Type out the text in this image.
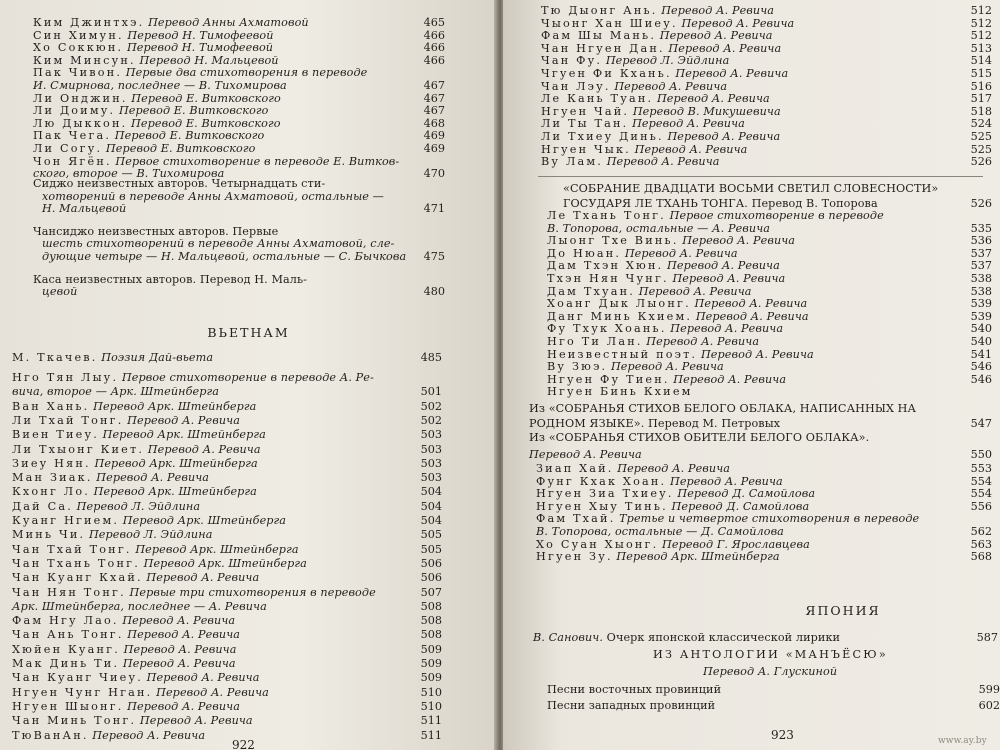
Ким Джинтхэ. Перевод Анны Ахматовой	465
Син Химун. Перевод Н. Тимофеевой	466
Хо Соккюн. Перевод Н. Тимофеевой	466
Ким Минсун. Перевод Н. Мальцевой	466
Пак Чивон. Первые два стихотворения в переводе
И. Смирнова, последнее — В. Тихомирова	467
Ли Онджин. Перевод Е. Витковского	467
Ли Доиму. Перевод Е. Витковского	467
Лю Дыккон. Перевод Е. Витковского	468
Пак Чега. Перевод Е. Витковского	469
Ли Согу. Перевод Е. Витковского	469
Чон Ягён. Первое стихотворение в переводе Е. Витков-
ского, второе — В. Тихомирова	470
Сиджо неизвестных авторов. Четырнадцать сти-
хотворений в переводе Анны Ахматовой, остальные —
Н. Мальцевой	471
Чансиджо неизвестных авторов. Первые
шесть стихотворений в переводе Анны Ахматовой, сле-
дующие четыре — Н. Мальцевой, остальные — С. Бычкова 475
Каса неизвестных авторов. Перевод Н. Маль-
цевой	480
ВЬЕТНАМ
М. Ткачев. Поэзия Дай-вьета	485
Нго Тян Лыу. Первое стихотворение в переводе А. Ре-
вича, второе — Арк. Штейнберга	501
Ван Хань. Перевод Арк. Штейнберга	502
Ли Тхай Тонг. Перевод А. Ревича	502
Виен Тиеу. Перевод Арк. Штейнберга	503
Ли Тхыонг Киет. Перевод А. Ревича	503
Зиеу Нян. Перевод Арк. Штейнберга	503
Ман Зиак. Перевод А. Ревича	503
Кхонг Ло. Перевод Арк. Штейнберга	504
Дай Са. Перевод Л. Эйдлина	504
Куанг Нгием. Перевод Арк. Штейнберга	504
Минь Чи. Перевод Л. Эйдлина	505
Чан Тхай Тонг. Перевод Арк. Штейнберга	505
Чан Тхань Тонг. Перевод Арк. Штейнберга	506
Чан Куанг Кхай. Перевод А. Ревича	506
Чан Нян Тонг. Первые три стихотворения в переводе	507
Арк. Штейнберга, последнее — А. Ревича	508
Фам Нгу Лао. Перевод А. Ревича	508
Чан Ань Тонг. Перевод А. Ревича	508
Хюйен Куанг. Перевод А. Ревича	509
Мак Динь Ти. Перевод А. Ревича	509
Чан Куанг Чиеу. Перевод А. Ревича	509
Нгуен Чунг Нган. Перевод А. Ревича	510
Нгуен Шыонг. Перевод А. Ревича	510
Чан Минь Тонг. Перевод А. Ревича	511
ТюВанАн. Перевод А. Ревича	511
922
Тю Дыонг Ань. Перевод А. Ревича	512
Чыонг Хан Шиеу. Перевод А. Ревича	512
Фам Шы Мань. Перевод А. Ревича	512
Чан Нгуен Дан. Перевод А. Ревича	513
Чан Фу. Перевод Л. Эйдлина	514
Чгуен Фи Кхань. Перевод А. Ревича	515
Чан Лэу. Перевод А. Ревича	516
Ле Кань Туан. Перевод А. Ревича	517
Нгуен Чай. Перевод В. Микушевича	518
Ли Ты Тан. Перевод А. Ревича	524
Ли Тхиеу Динь. Перевод А. Ревича	525
Нгуен Чык. Перевод А. Ревича	525
Ву Лам. Перевод А. Ревича	526
«СОБРАНИЕ ДВАДЦАТИ ВОСЬМИ СВЕТИЛ СЛОВЕСНОСТИ»
ГОСУДАРЯ ЛЕ ТХАНЬ ТОНГА. Перевод В. Топорова	526
Ле Тхань Тонг. Первое стихотворение в переводе
В. Топорова, остальные — А. Ревича	535
Лыонг Тхе Винь. Перевод А. Ревича	536
До Нюан. Перевод А. Ревича	537
Дам Тхэн Хюн. Перевод А. Ревича	537
Тхэн Нян Чунг. Перевод А. Ревича	538
Дам Тхуан. Перевод А. Ревича	538
Хоанг Дык Лыонг. Перевод А. Ревича	539
Данг Минь Кхием. Перевод А. Ревича	539
Фу Тхук Хоань. Перевод А. Ревича	540
Нго Ти Лан. Перевод А. Ревича	540
Неизвестный поэт. Перевод А. Ревича	541
Ву Зюэ. Перевод А. Ревича	546
Нгуен Фу Тиен. Перевод А. Ревича	546
Нгуен Бинь Кхием
Из «СОБРАНЬЯ СТИХОВ БЕЛОГО ОБЛАКА, НАПИСАННЫХ НА
РОДНОМ ЯЗЫКЕ». Перевод М. Петровых	547
Из «СОБРАНЬЯ СТИХОВ ОБИТЕЛИ БЕЛОГО ОБЛАКА».
Перевод А. Ревича	550
Зиап Хай. Перевод А. Ревича	553
Фунг Кхак Хоан. Перевод А. Ревича	554
Нгуен Зиа Тхиеу. Перевод Д. Самойлова	554
Нгуен Хыу Тинь. Перевод Д. Самойлова	556
Фам Тхай. Третье и четвертое стихотворения в переводе
В. Топорова, остальные — Д. Самойлова	562
Хо Суан Хыонг. Перевод Г. Ярославцева	563
Нгуен Зу. Перевод Арк. Штейнберга	568
ЯПОНИЯ
В. Санович. Очерк японской классической лирики	587
ИЗ АНТОЛОГИИ «МАНЪЁСЮ»
Перевод А. Глускиной
Песни восточных провинций	599
Песни западных провинций	602
923	www.ay.by
